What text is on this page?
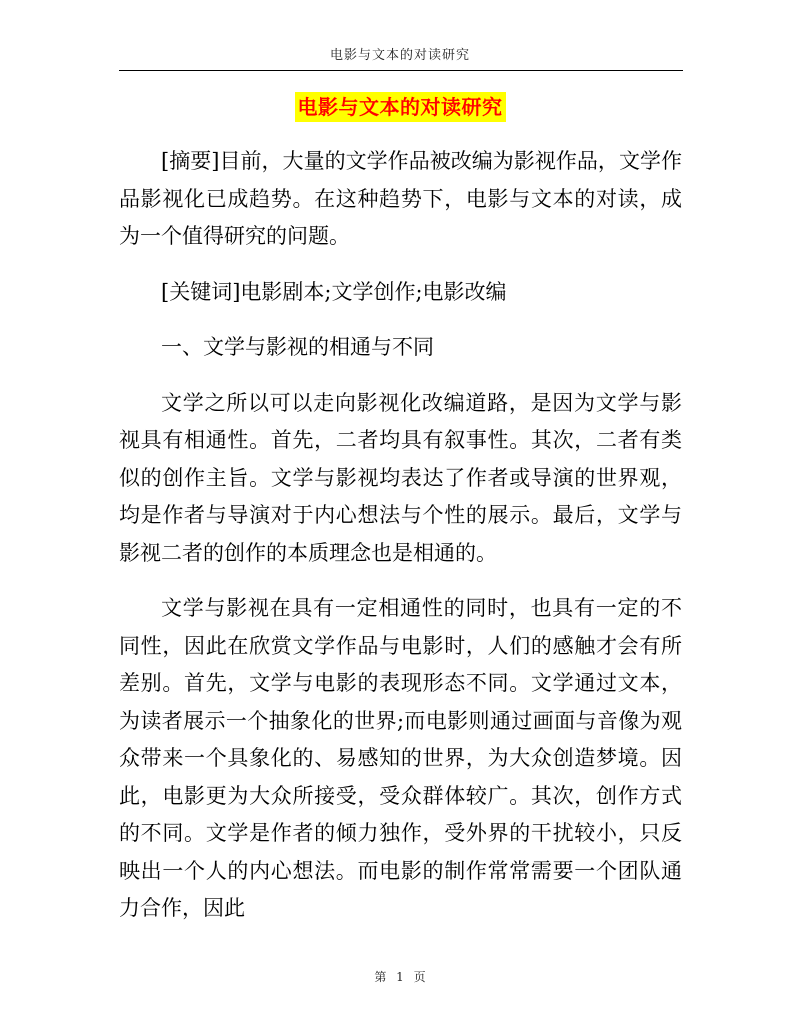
电影与文本的对读研究
电影与文本的对读研究

[摘要]目前，大量的文学作品被改编为影视作品，文学作品影视化已成趋势。在这种趋势下，电影与文本的对读，成为一个值得研究的问题。

[关键词]电影剧本;文学创作;电影改编

一、文学与影视的相通与不同

文学之所以可以走向影视化改编道路，是因为文学与影视具有相通性。首先，二者均具有叙事性。其次，二者有类似的创作主旨。文学与影视均表达了作者或导演的世界观，均是作者与导演对于内心想法与个性的展示。最后，文学与影视二者的创作的本质理念也是相通的。

文学与影视在具有一定相通性的同时，也具有一定的不同性，因此在欣赏文学作品与电影时，人们的感触才会有所差别。首先，文学与电影的表现形态不同。文学通过文本，为读者展示一个抽象化的世界;而电影则通过画面与音像为观众带来一个具象化的、易感知的世界，为大众创造梦境。因此，电影更为大众所接受，受众群体较广。其次，创作方式的不同。文学是作者的倾力独作，受外界的干扰较小，只反映出一个人的内心想法。而电影的制作常常需要一个团队通力合作，因此

第 1 页
